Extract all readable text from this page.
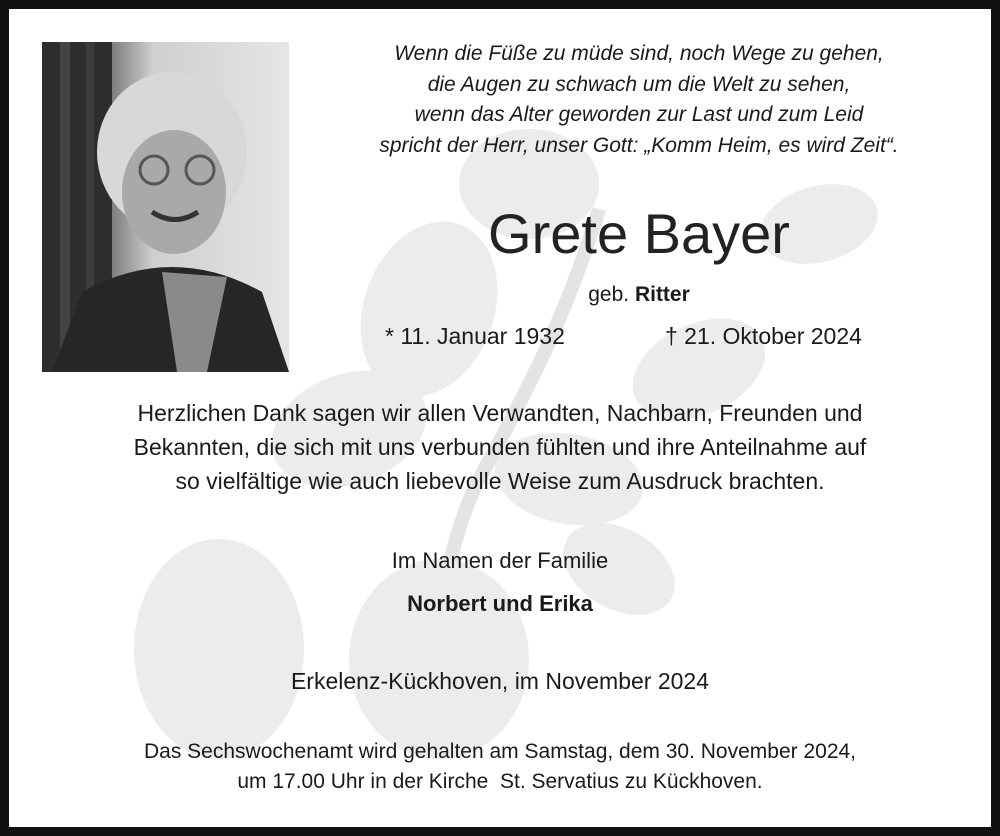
Wenn die Füße zu müde sind, noch Wege zu gehen,
die Augen zu schwach um die Welt zu sehen,
wenn das Alter geworden zur Last und zum Leid
spricht der Herr, unser Gott: „Komm Heim, es wird Zeit“.
Grete Bayer
geb. Ritter
* 11. Januar 1932	† 21. Oktober 2024
Herzlichen Dank sagen wir allen Verwandten, Nachbarn, Freunden und
Bekannten, die sich mit uns verbunden fühlten und ihre Anteilnahme auf
so vielfältige wie auch liebevolle Weise zum Ausdruck brachten.
Im Namen der Familie
Norbert und Erika
Erkelenz-Kückhoven, im November 2024
Das Sechswochenamt wird gehalten am Samstag, dem 30. November 2024,
um 17.00 Uhr in der Kirche  St. Servatius zu Kückhoven.
